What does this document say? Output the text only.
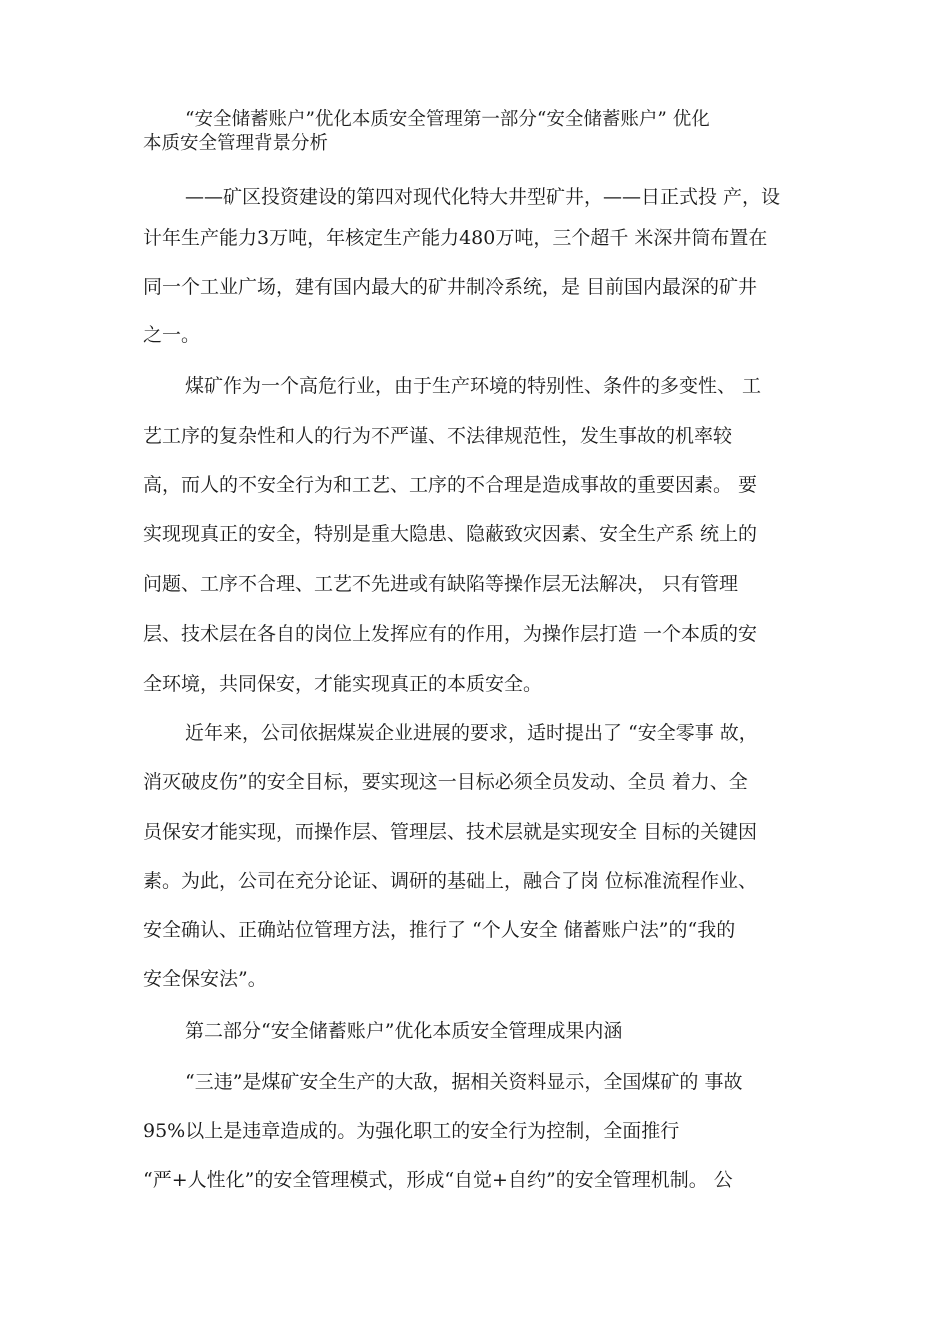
“安全储蓄账户”优化本质安全管理第一部分“安全储蓄账户” 优化
本质安全管理背景分析
——矿区投资建设的第四对现代化特大井型矿井，——日正式投 产，设
计年生产能力3万吨，年核定生产能力480万吨，三个超千 米深井筒布置在
同一个工业广场，建有国内最大的矿井制冷系统，是 目前国内最深的矿井
之一。
煤矿作为一个高危行业，由于生产环境的特别性、条件的多变性、 工
艺工序的复杂性和人的行为不严谨、不法律规范性，发生事故的机率较
高，而人的不安全行为和工艺、工序的不合理是造成事故的重要因素。 要
实现现真正的安全，特别是重大隐患、隐蔽致灾因素、安全生产系 统上的
问题、工序不合理、工艺不先进或有缺陷等操作层无法解决， 只有管理
层、技术层在各自的岗位上发挥应有的作用，为操作层打造 一个本质的安
全环境，共同保安，才能实现真正的本质安全。
近年来，公司依据煤炭企业进展的要求，适时提出了 “安全零事 故，
消灭破皮伤”的安全目标，要实现这一目标必须全员发动、全员 着力、全
员保安才能实现，而操作层、管理层、技术层就是实现安全 目标的关键因
素。为此，公司在充分论证、调研的基础上，融合了岗 位标准流程作业、
安全确认、正确站位管理方法，推行了 “个人安全 储蓄账户法”的“我的
安全保安法”。
第二部分“安全储蓄账户”优化本质安全管理成果内涵
“三违”是煤矿安全生产的大敌，据相关资料显示，全国煤矿的 事故
95%以上是违章造成的。为强化职工的安全行为控制，全面推行
“严+人性化”的安全管理模式，形成“自觉+自约”的安全管理机制。 公
